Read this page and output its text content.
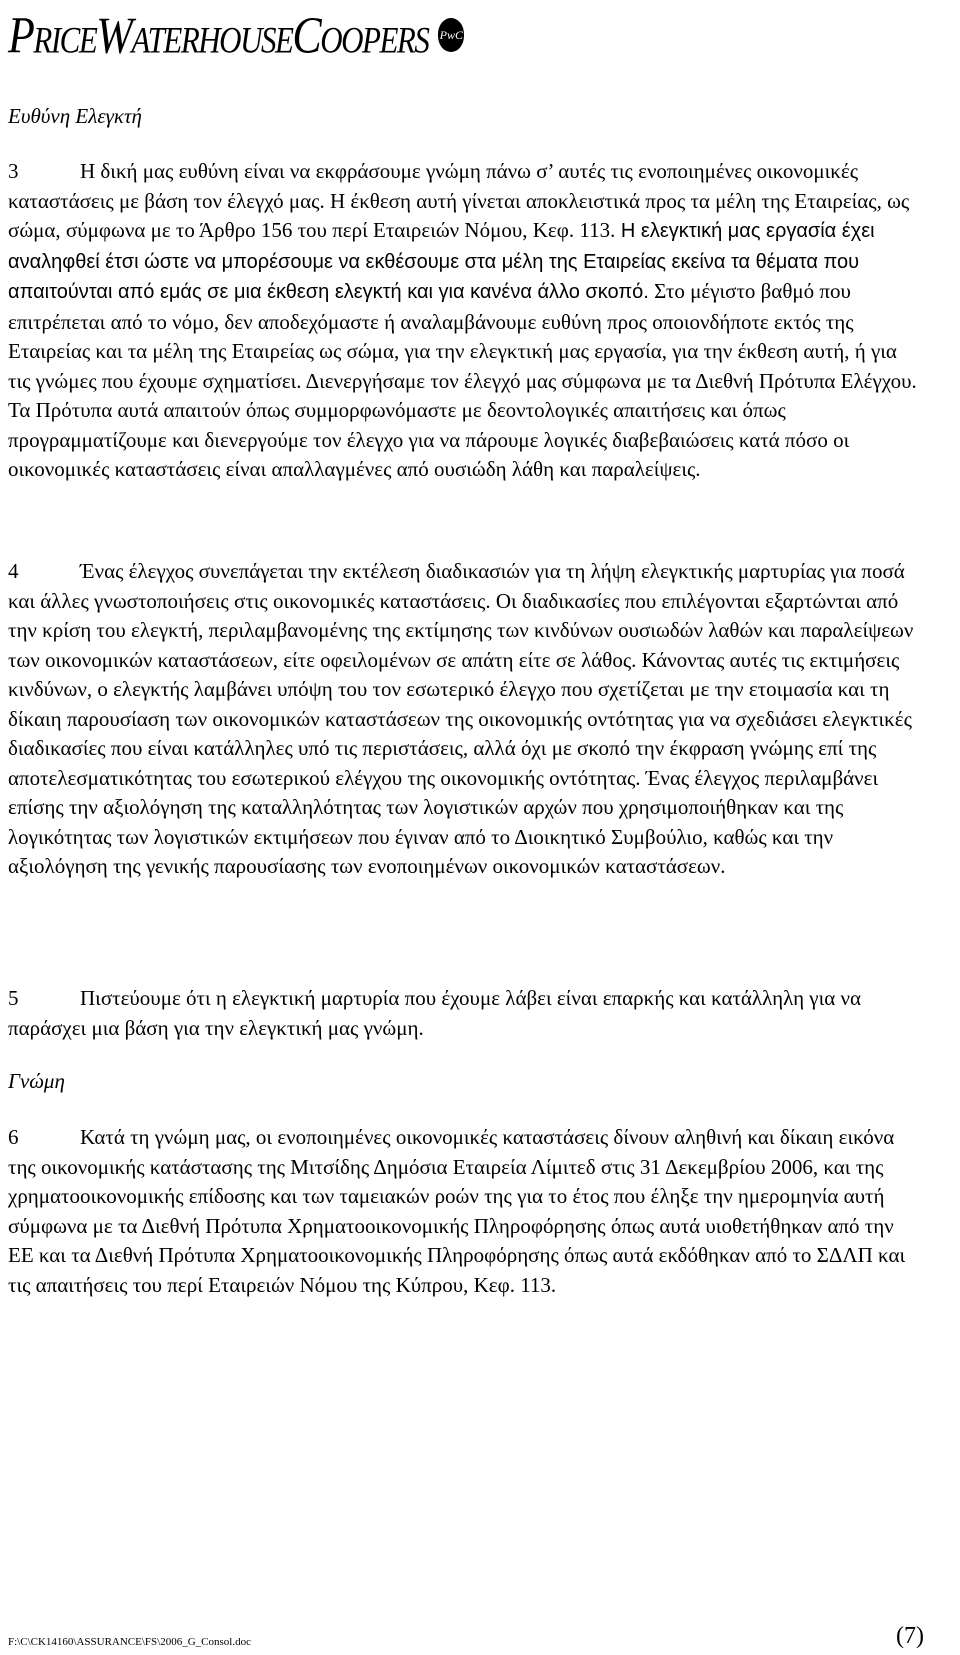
PriceWaterhouseCoopers PwC
Ευθύνη Ελεγκτή

3	Η δική μας ευθύνη είναι να εκφράσουμε γνώμη πάνω σ’ αυτές τις ενοποιημένες οικονομικές καταστάσεις με βάση τον έλεγχό μας. Η έκθεση αυτή γίνεται αποκλειστικά προς τα μέλη της Εταιρείας, ως σώμα, σύμφωνα με το Άρθρο 156 του περί Εταιρειών Νόμου, Κεφ. 113. Η ελεγκτική μας εργασία έχει αναληφθεί έτσι ώστε να μπορέσουμε να εκθέσουμε στα μέλη της Εταιρείας εκείνα τα θέματα που απαιτούνται από εμάς σε μια έκθεση ελεγκτή και για κανένα άλλο σκοπό. Στο μέγιστο βαθμό που επιτρέπεται από το νόμο, δεν αποδεχόμαστε ή αναλαμβάνουμε ευθύνη προς οποιονδήποτε εκτός της Εταιρείας και τα μέλη της Εταιρείας ως σώμα, για την ελεγκτική μας εργασία, για την έκθεση αυτή, ή για τις γνώμες που έχουμε σχηματίσει. Διενεργήσαμε τον έλεγχό μας σύμφωνα με τα Διεθνή Πρότυπα Ελέγχου. Τα Πρότυπα αυτά απαιτούν όπως συμμορφωνόμαστε με δεοντολογικές απαιτήσεις και όπως προγραμματίζουμε και διενεργούμε τον έλεγχο για να πάρουμε λογικές διαβεβαιώσεις κατά πόσο οι οικονομικές καταστάσεις είναι απαλλαγμένες από ουσιώδη λάθη και παραλείψεις.

4	Ένας έλεγχος συνεπάγεται την εκτέλεση διαδικασιών για τη λήψη ελεγκτικής μαρτυρίας για ποσά και άλλες γνωστοποιήσεις στις οικονομικές καταστάσεις. Οι διαδικασίες που επιλέγονται εξαρτώνται από την κρίση του ελεγκτή, περιλαμβανομένης της εκτίμησης των κινδύνων ουσιωδών λαθών και παραλείψεων των οικονομικών καταστάσεων, είτε οφειλομένων σε απάτη είτε σε λάθος. Κάνοντας αυτές τις εκτιμήσεις κινδύνων, ο ελεγκτής λαμβάνει υπόψη του τον εσωτερικό έλεγχο που σχετίζεται με την ετοιμασία και τη δίκαιη παρουσίαση των οικονομικών καταστάσεων της οικονομικής οντότητας για να σχεδιάσει ελεγκτικές διαδικασίες που είναι κατάλληλες υπό τις περιστάσεις, αλλά όχι με σκοπό την έκφραση γνώμης επί της αποτελεσματικότητας του εσωτερικού ελέγχου της οικονομικής οντότητας. Ένας έλεγχος περιλαμβάνει επίσης την αξιολόγηση της καταλληλότητας των λογιστικών αρχών που χρησιμοποιήθηκαν και της λογικότητας των λογιστικών εκτιμήσεων που έγιναν από το Διοικητικό Συμβούλιο, καθώς και την αξιολόγηση της γενικής παρουσίασης των ενοποιημένων οικονομικών καταστάσεων.

5	Πιστεύουμε ότι η ελεγκτική μαρτυρία που έχουμε λάβει είναι επαρκής και κατάλληλη για να παράσχει μια βάση για την ελεγκτική μας γνώμη.

Γνώμη

6	Κατά τη γνώμη μας, οι ενοποιημένες οικονομικές καταστάσεις δίνουν αληθινή και δίκαιη εικόνα της οικονομικής κατάστασης της Μιτσίδης Δημόσια Εταιρεία Λίμιτεδ στις 31 Δεκεμβρίου 2006, και της χρηματοοικονομικής επίδοσης και των ταμειακών ροών της για το έτος που έληξε την ημερομηνία αυτή σύμφωνα με τα Διεθνή Πρότυπα Χρηματοοικονομικής Πληροφόρησης όπως αυτά υιοθετήθηκαν από την ΕΕ και τα Διεθνή Πρότυπα Χρηματοοικονομικής Πληροφόρησης όπως αυτά εκδόθηκαν από το ΣΔΛΠ και τις απαιτήσεις του περί Εταιρειών Νόμου της Κύπρου, Κεφ. 113.

F:\C\CK14160\ASSURANCE\FS\2006_G_Consol.doc	(7)
